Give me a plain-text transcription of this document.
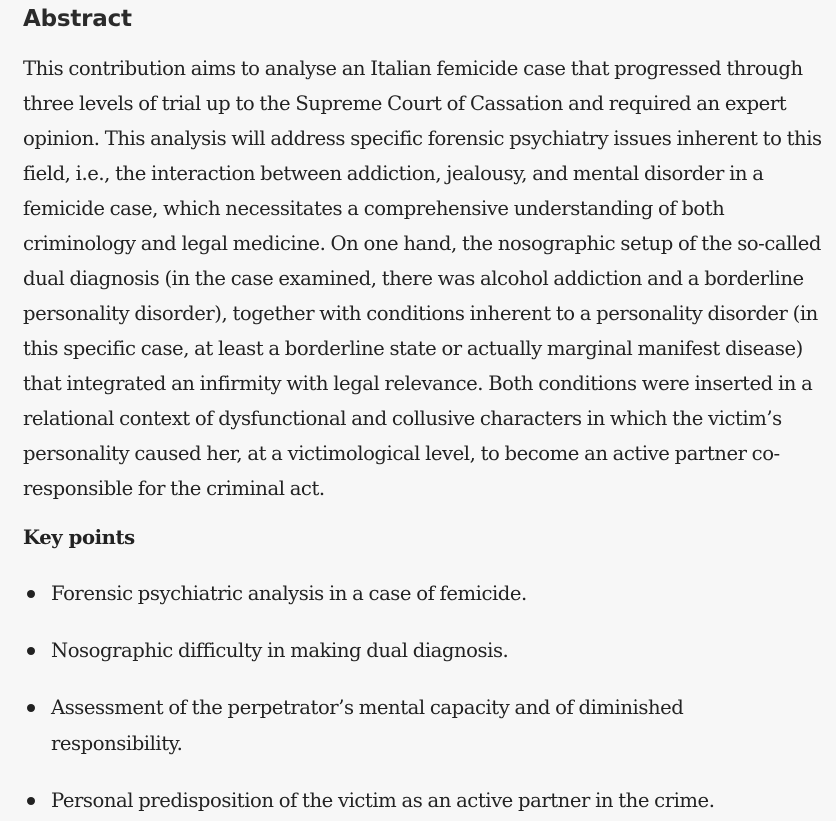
Abstract

This contribution aims to analyse an Italian femicide case that progressed through three levels of trial up to the Supreme Court of Cassation and required an expert opinion. This analysis will address specific forensic psychiatry issues inherent to this field, i.e., the interaction between addiction, jealousy, and mental disorder in a femicide case, which necessitates a comprehensive understanding of both criminology and legal medicine. On one hand, the nosographic setup of the so-called dual diagnosis (in the case examined, there was alcohol addiction and a borderline personality disorder), together with conditions inherent to a personality disorder (in this specific case, at least a borderline state or actually marginal manifest disease) that integrated an infirmity with legal relevance. Both conditions were inserted in a relational context of dysfunctional and collusive characters in which the victim’s personality caused her, at a victimological level, to become an active partner co-responsible for the criminal act.

Key points
Forensic psychiatric analysis in a case of femicide.
Nosographic difficulty in making dual diagnosis.
Assessment of the perpetrator’s mental capacity and of diminished responsibility.
Personal predisposition of the victim as an active partner in the crime.
